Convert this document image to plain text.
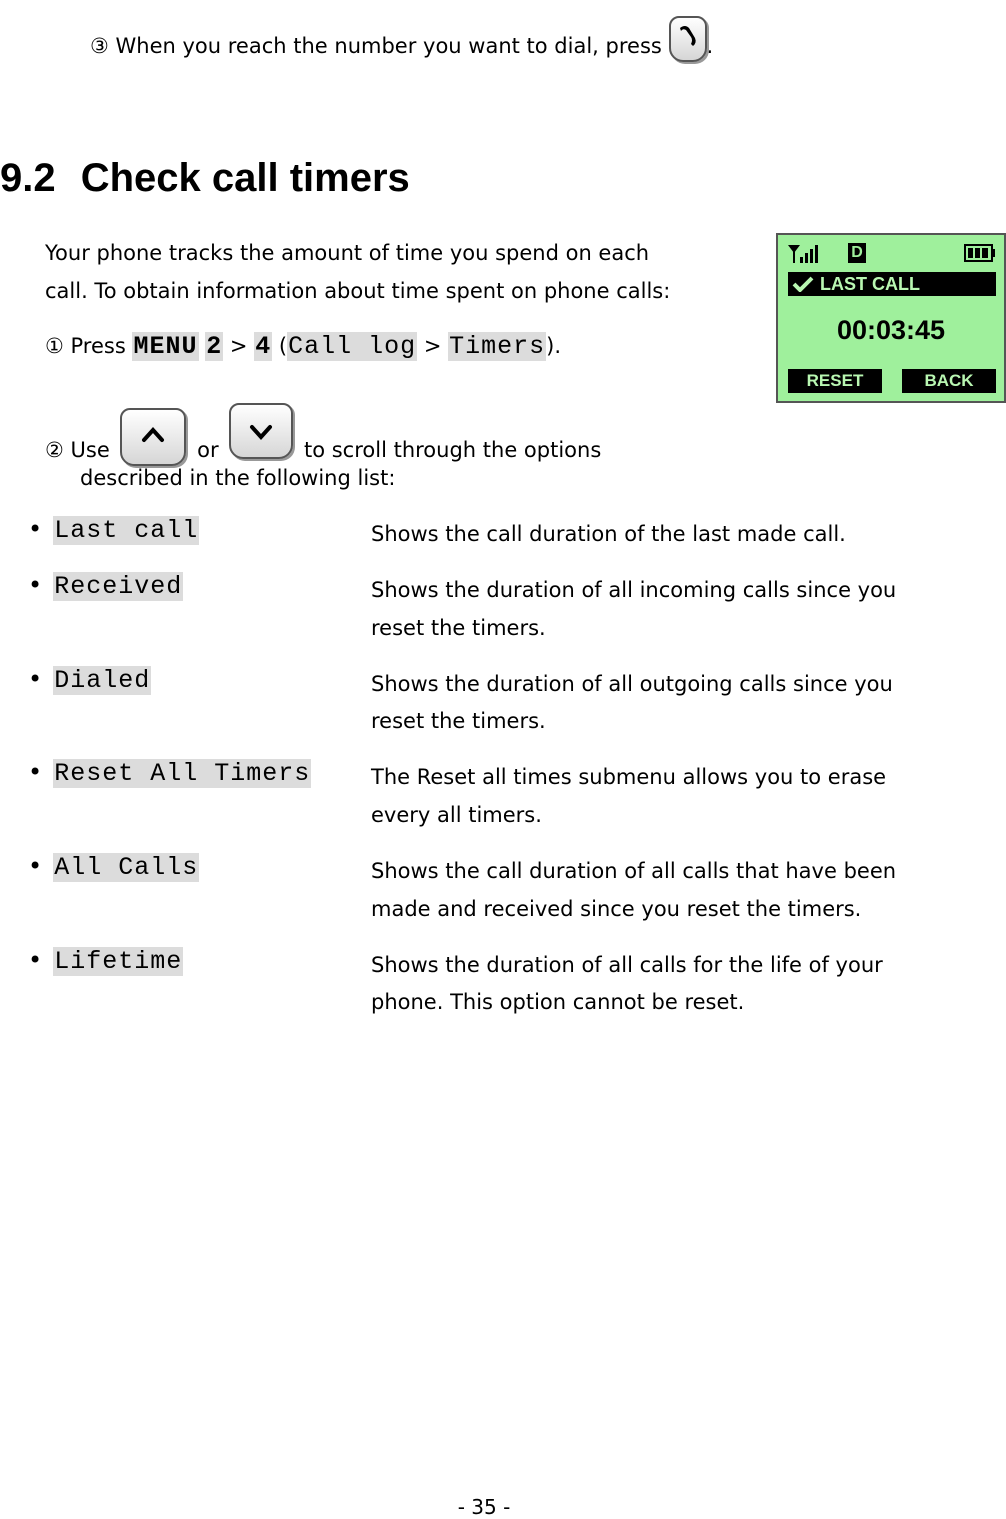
③ When you reach the number you want to dial, press .
9.2 Check call timers
Your phone tracks the amount of time you spend on each
call. To obtain information about time spent on phone calls:
① Press MENU 2 > 4 (Call log > Timers).
② Use	or	to scroll through the options
described in the following list:
D
LAST CALL
00:03:45
RESET	BACK
• Last call	Shows the call duration of the last made call.
• Received	Shows the duration of all incoming calls since you
reset the timers.
• Dialed	Shows the duration of all outgoing calls since you
reset the timers.
• Reset All Timers	The Reset all times submenu allows you to erase
every all timers.
• All Calls	Shows the call duration of all calls that have been
made and received since you reset the timers.
• Lifetime	Shows the duration of all calls for the life of your
phone. This option cannot be reset.
- 35 -
